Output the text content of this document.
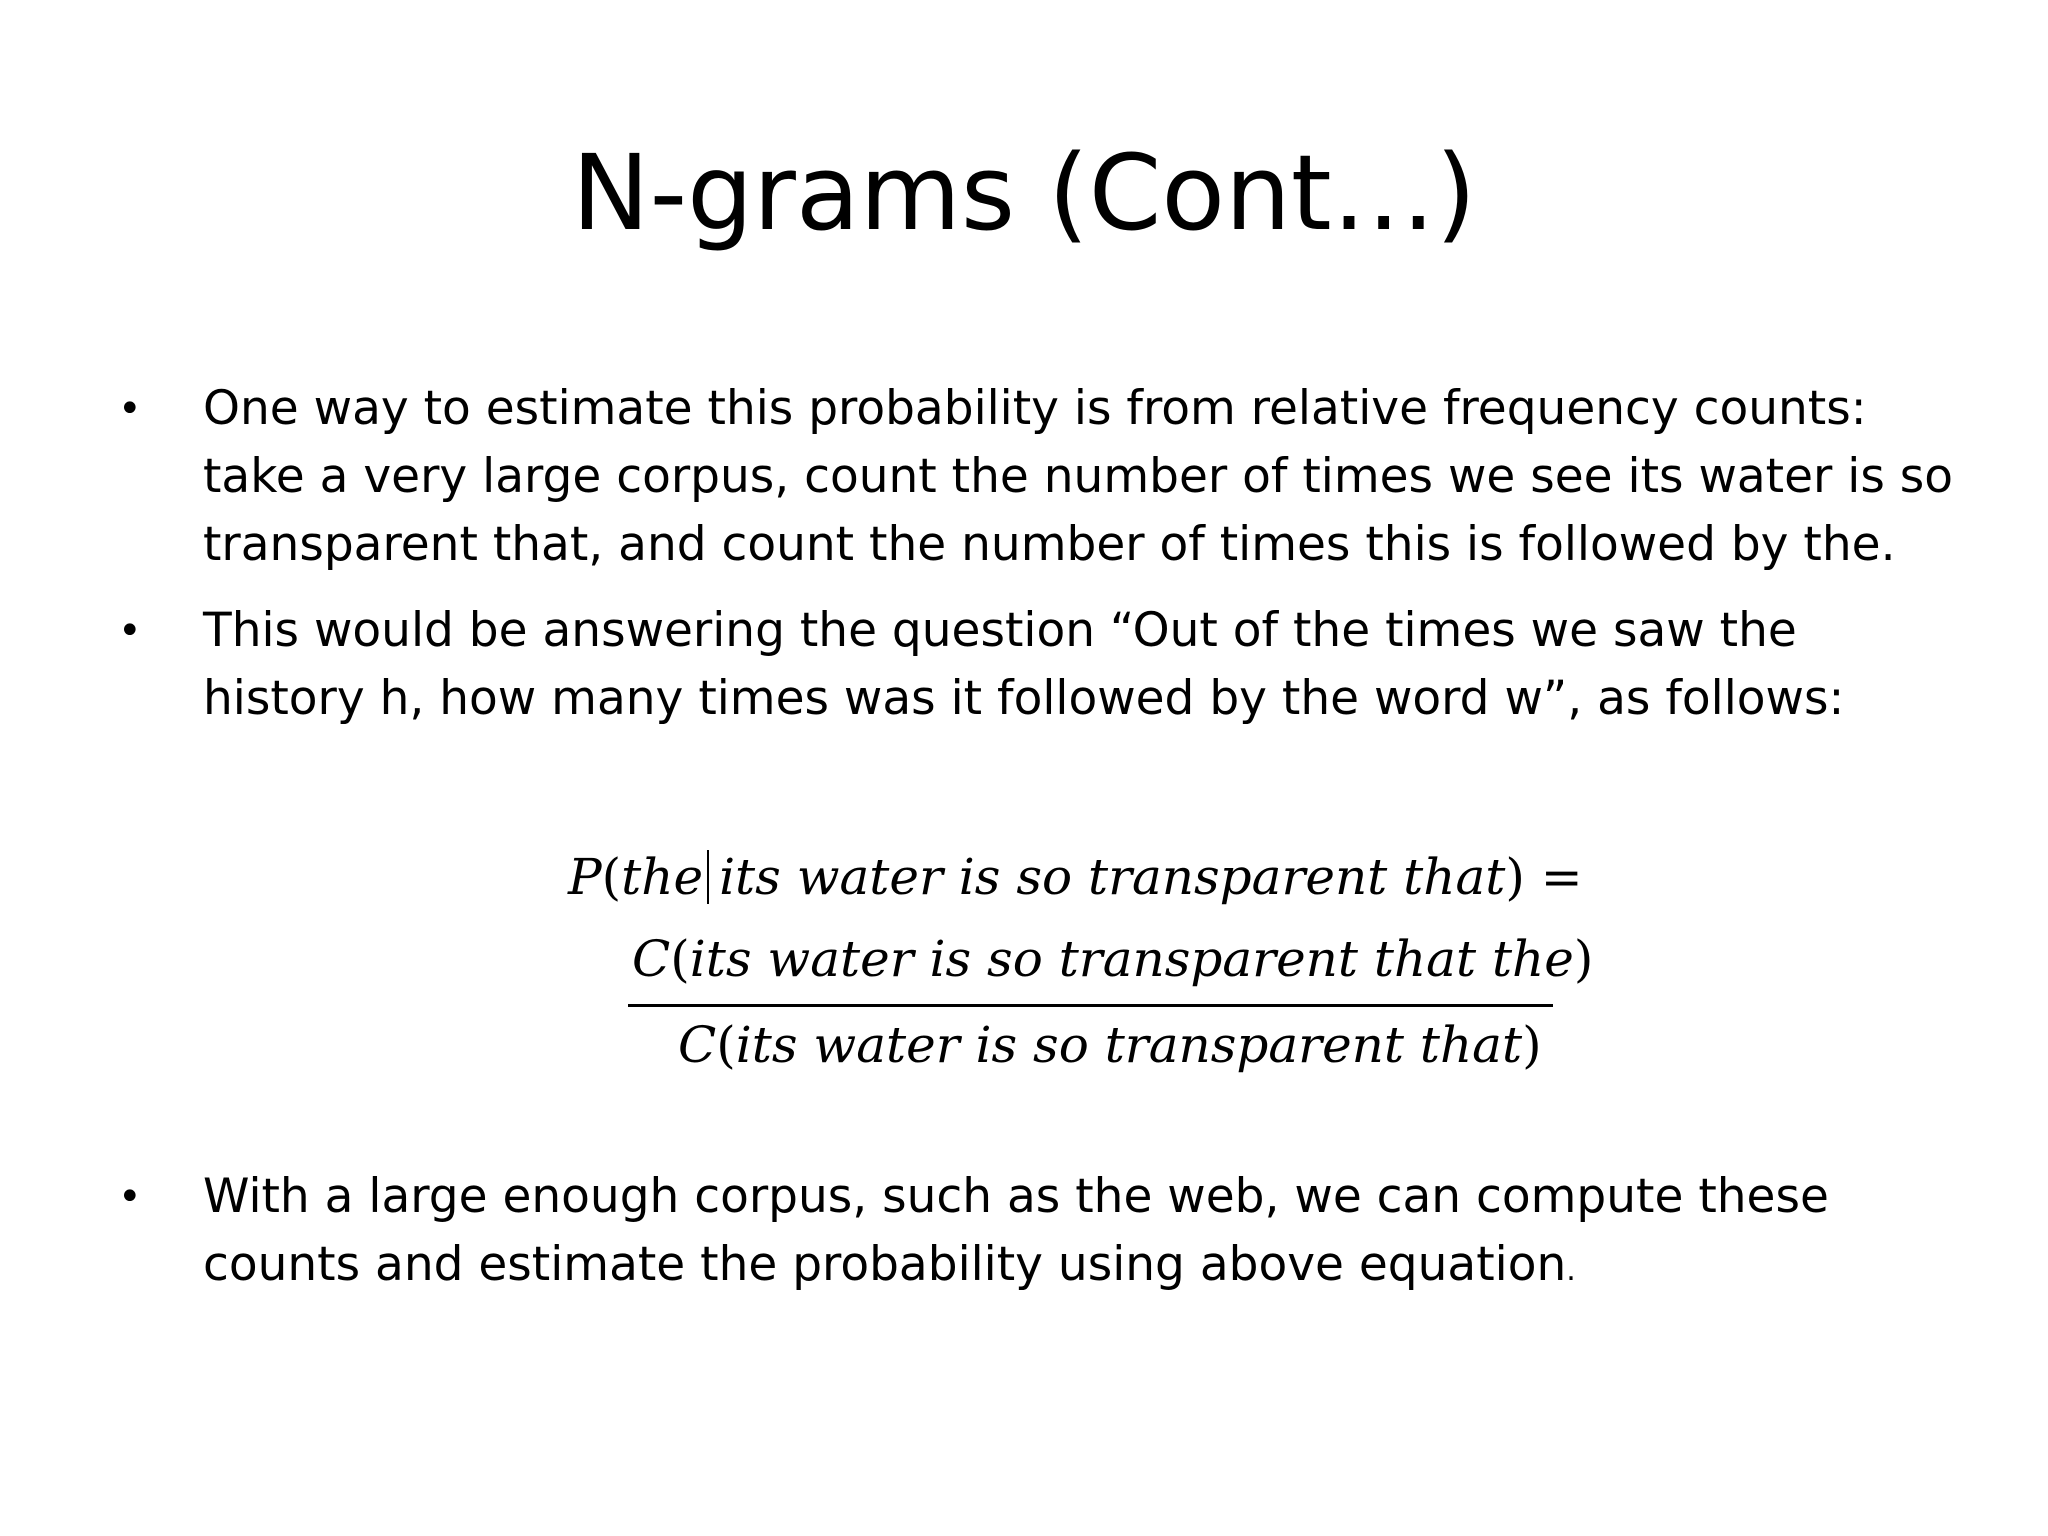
N-grams (Cont…)
•	One way to estimate this probability is from relative frequency counts:
take a very large corpus, count the number of times we see its water is so
transparent that, and count the number of times this is followed by the.
•	This would be answering the question “Out of the times we saw the
history h, how many times was it followed by the word w”, as follows:
•	With a large enough corpus, such as the web, we can compute these
counts and estimate the probability using above equation.
P(the its water is so transparent that) =
C(its water is so transparent that the)
C(its water is so transparent that)
